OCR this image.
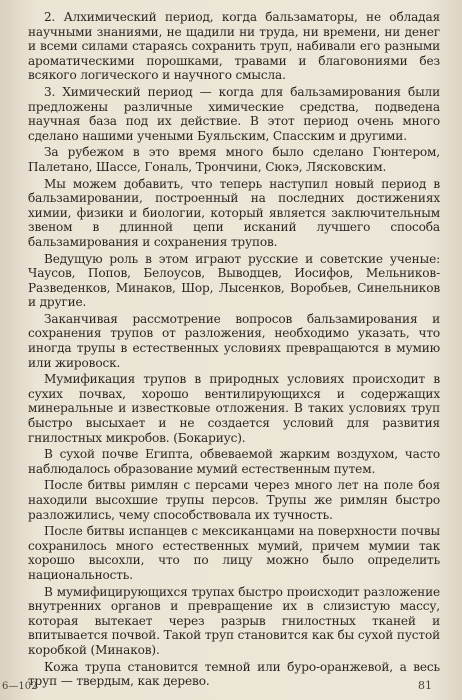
2. Алхимический период, когда бальзаматоры, не обладая научными знаниями, не щадили ни труда, ни времени, ни денег и всеми силами стараясь сохранить труп, набивали его разными ароматическими порошками, травами и благовониями без всякого логического и научного смысла.

3. Химический период — когда для бальзамирования были предложены различные химические средства, подведена научная база под их действие. В этот период очень много сделано нашими учеными Буяльским, Спасским и другими.

За рубежом в это время много было сделано Гюнтером, Палетано, Шассе, Гональ, Трончини, Сюкэ, Лясковским.

Мы можем добавить, что теперь наступил новый период в бальзамировании, построенный на последних достижениях химии, физики и биологии, который является заключительным звеном в длинной цепи исканий лучшего способа бальзамирования и сохранения трупов.

Ведущую роль в этом играют русские и советские ученые: Чаусов, Попов, Белоусов, Выводцев, Иосифов, Мельников-Разведенков, Минаков, Шор, Лысенков, Воробьев, Синельников и другие.

Заканчивая рассмотрение вопросов бальзамирования и сохранения трупов от разложения, необходимо указать, что иногда трупы в естественных условиях превращаются в мумию или жировоск.

Мумификация трупов в природных условиях происходит в сухих почвах, хорошо вентилирующихся и содержащих минеральные и известковые отложения. В таких условиях труп быстро высыхает и не создается условий для развития гнилостных микробов. (Бокариус).

В сухой почве Египта, обвеваемой жарким воздухом, часто наблюдалось образование мумий естественным путем.

После битвы римлян с персами через много лет на поле боя находили высохшие трупы персов. Трупы же римлян быстро разложились, чему способствовала их тучность.

После битвы испанцев с мексиканцами на поверхности почвы сохранилось много естественных мумий, причем мумии так хорошо высохли, что по лицу можно было определить национальность.

В мумифицирующихся трупах быстро происходит разложение внутренних органов и превращение их в слизистую массу, которая вытекает через разрыв гнилостных тканей и впитывается почвой. Такой труп становится как бы сухой пустой коробкой (Минаков).

Кожа трупа становится темной или буро-оранжевой, а весь труп — твердым, как дерево.

6—102	81
